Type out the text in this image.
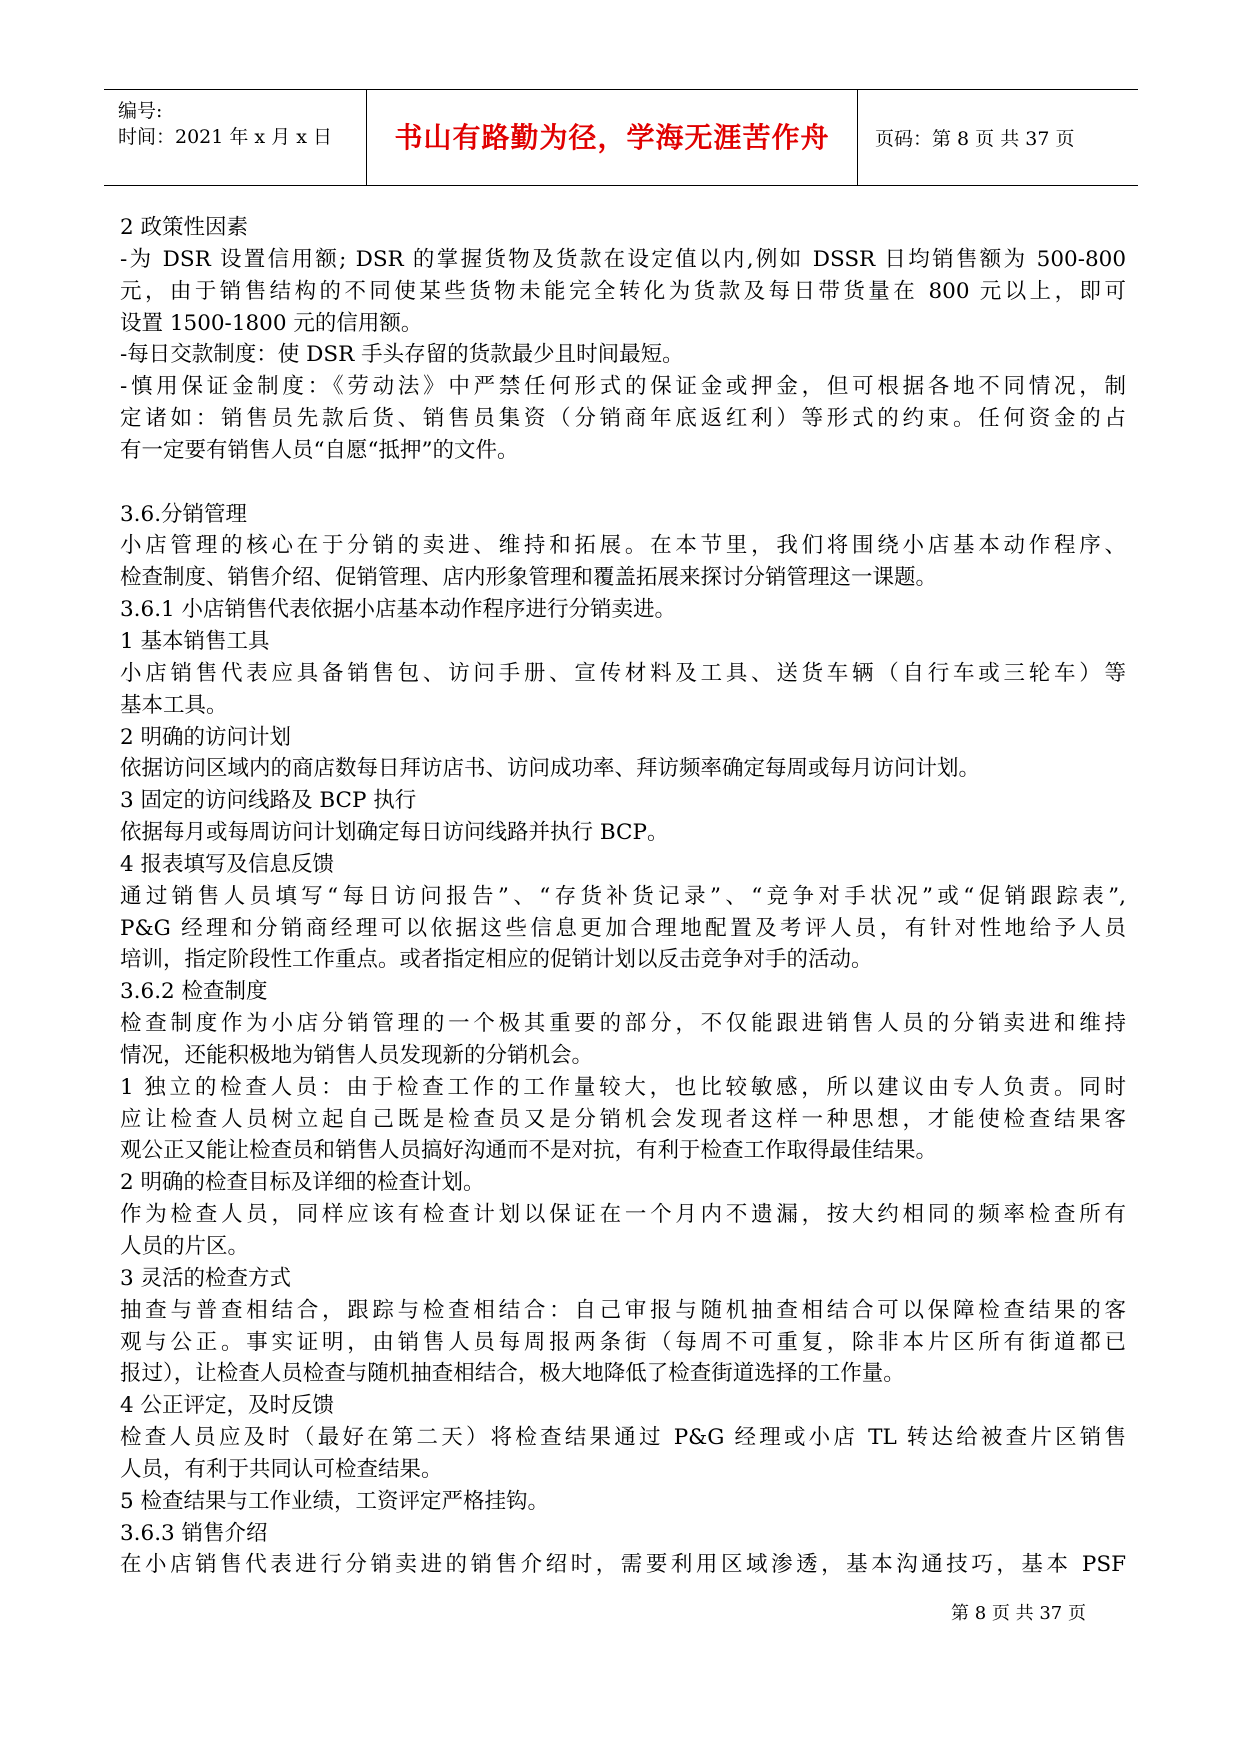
编号:
时间：2021 年 x 月 x 日	书山有路勤为径，学海无涯苦作舟	页码：第 8 页 共 37 页
2 政策性因素
-为 DSR 设置信用额; DSR 的掌握货物及货款在设定值以内,例如 DSSR 日均销售额为 500-800
元，由于销售结构的不同使某些货物未能完全转化为货款及每日带货量在 800 元以上，即可
设置 1500-1800 元的信用额。
-每日交款制度：使 DSR 手头存留的货款最少且时间最短。
-慎用保证金制度：《劳动法》中严禁任何形式的保证金或押金，但可根据各地不同情况，制
定诸如：销售员先款后货、销售员集资（分销商年底返红利）等形式的约束。任何资金的占
有一定要有销售人员“自愿“抵押”的文件。
3.6.分销管理
小店管理的核心在于分销的卖进、维持和拓展。在本节里，我们将围绕小店基本动作程序、
检查制度、销售介绍、促销管理、店内形象管理和覆盖拓展来探讨分销管理这一课题。
3.6.1 小店销售代表依据小店基本动作程序进行分销卖进。
1 基本销售工具
小店销售代表应具备销售包、访问手册、宣传材料及工具、送货车辆（自行车或三轮车）等
基本工具。
2 明确的访问计划
依据访问区域内的商店数每日拜访店书、访问成功率、拜访频率确定每周或每月访问计划。
3 固定的访问线路及 BCP 执行
依据每月或每周访问计划确定每日访问线路并执行 BCP。
4 报表填写及信息反馈
通过销售人员填写“每日访问报告”、“存货补货记录”、“竞争对手状况”或“促销跟踪表”,
P&G 经理和分销商经理可以依据这些信息更加合理地配置及考评人员，有针对性地给予人员
培训，指定阶段性工作重点。或者指定相应的促销计划以反击竞争对手的活动。
3.6.2 检查制度
检查制度作为小店分销管理的一个极其重要的部分，不仅能跟进销售人员的分销卖进和维持
情况，还能积极地为销售人员发现新的分销机会。
1 独立的检查人员：由于检查工作的工作量较大，也比较敏感，所以建议由专人负责。同时
应让检查人员树立起自己既是检查员又是分销机会发现者这样一种思想，才能使检查结果客
观公正又能让检查员和销售人员搞好沟通而不是对抗，有利于检查工作取得最佳结果。
2 明确的检查目标及详细的检查计划。
作为检查人员，同样应该有检查计划以保证在一个月内不遗漏，按大约相同的频率检查所有
人员的片区。
3 灵活的检查方式
抽查与普查相结合，跟踪与检查相结合：自己审报与随机抽查相结合可以保障检查结果的客
观与公正。事实证明，由销售人员每周报两条街（每周不可重复，除非本片区所有街道都已
报过），让检查人员检查与随机抽查相结合，极大地降低了检查街道选择的工作量。
4 公正评定，及时反馈
检查人员应及时（最好在第二天）将检查结果通过 P&G 经理或小店 TL 转达给被查片区销售
人员，有利于共同认可检查结果。
5 检查结果与工作业绩，工资评定严格挂钩。
3.6.3 销售介绍
在小店销售代表进行分销卖进的销售介绍时，需要利用区域渗透，基本沟通技巧，基本 PSF
第 8 页 共 37 页
